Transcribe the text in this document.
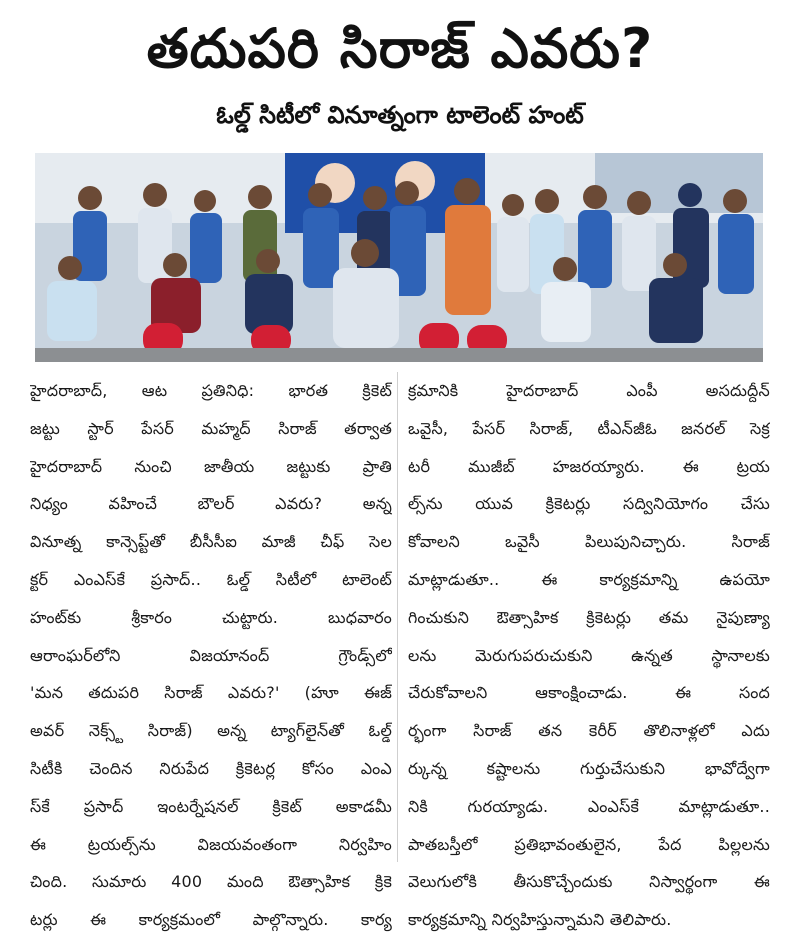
తదుపరి సిరాజ్ ఎవరు?
ఓల్డ్ సిటీలో వినూత్నంగా టాలెంట్ హంట్
హైదరాబాద్, ఆట ప్రతినిధి: భారత క్రికెట్
జట్టు స్టార్ పేసర్ మహ్మద్ సిరాజ్ తర్వాత
హైదరాబాద్ నుంచి జాతీయ జట్టుకు ప్రాతి
నిధ్యం వహించే బౌలర్ ఎవరు? అన్న
వినూత్న కాన్సెప్ట్‌తో బీసీసీఐ మాజీ చీఫ్ సెల
క్టర్ ఎంఎస్‌కే ప్రసాద్.. ఓల్డ్ సిటీలో టాలెంట్
హంట్‌కు శ్రీకారం చుట్టారు. బుధవారం
ఆరాంఘర్‌లోని విజయానంద్ గ్రౌండ్స్‌లో
'మన తదుపరి సిరాజ్ ఎవరు?' (హూ ఈజ్
అవర్ నెక్స్ట్ సిరాజ్) అన్న ట్యాగ్‌లైన్‌తో ఓల్డ్
సిటీకి చెందిన నిరుపేద క్రికెటర్ల కోసం ఎంఎ
స్‌కే ప్రసాద్ ఇంటర్నేషనల్ క్రికెట్ అకాడమీ
ఈ ట్రయల్స్‌ను విజయవంతంగా నిర్వహిం
చింది. సుమారు 400 మంది ఔత్సాహిక క్రికె
టర్లు ఈ కార్యక్రమంలో పాల్గొన్నారు. కార్య
క్రమానికి హైదరాబాద్ ఎంపీ అసదుద్దీన్
ఒవైసీ, పేసర్ సిరాజ్, టీఎన్‌జీఓ జనరల్ సెక్ర
టరీ ముజీబ్ హజరయ్యారు. ఈ ట్రయ
ల్స్‌ను యువ క్రికెటర్లు సద్వినియోగం చేసు
కోవాలని ఒవైసీ పిలుపునిచ్చారు. సిరాజ్
మాట్లాడుతూ.. ఈ కార్యక్రమాన్ని ఉపయో
గించుకుని ఔత్సాహిక క్రికెటర్లు తమ నైపుణ్యా
లను మెరుగుపరుచుకుని ఉన్నత స్థానాలకు
చేరుకోవాలని ఆకాంక్షించాడు. ఈ సంద
ర్భంగా సిరాజ్ తన కెరీర్ తొలినాళ్లలో ఎదు
ర్కున్న కష్టాలను గుర్తుచేసుకుని భావోద్వేగా
నికి గురయ్యాడు. ఎంఎస్‌కే మాట్లాడుతూ..
పాతబస్తీలో ప్రతిభావంతులైన, పేద పిల్లలను
వెలుగులోకి తీసుకొచ్చేందుకు నిస్వార్థంగా ఈ
కార్యక్రమాన్ని నిర్వహిస్తున్నామని తెలిపారు.
